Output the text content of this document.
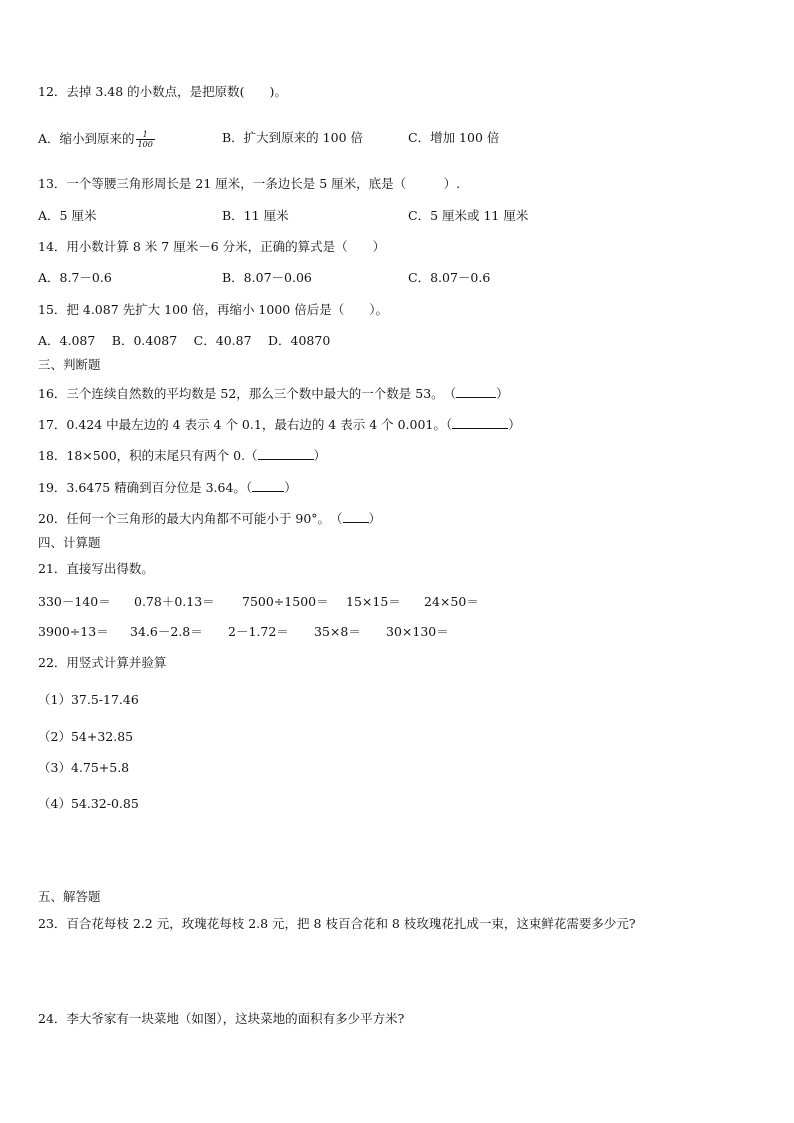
12．去掉 3.48 的小数点，是把原数(　　)。
A．缩小到原来的 $\frac{1}{100}$	B．扩大到原来的 100 倍	C．增加 100 倍
13．一个等腰三角形周长是 21 厘米，一条边长是 5 厘米，底是（　　　）.
A．5 厘米	B．11 厘米	C．5 厘米或 11 厘米
14．用小数计算 8 米 7 厘米－6 分米，正确的算式是（　　）
A．8.7－0.6	B．8.07－0.06	C．8.07－0.6
15．把 4.087 先扩大 100 倍，再缩小 1000 倍后是（　　）。
A．4.087　 B．0.4087　 C．40.87　 D．40870
三、判断题
16．三个连续自然数的平均数是 52，那么三个数中最大的一个数是 53。　（	）
17．0.424 中最左边的 4 表示 4 个 0.1，最右边的 4 表示 4 个 0.001。（	）
18．18×500，积的末尾只有两个 0.（	）
19．3.6475 精确到百分位是 3.64。（	）
20．任何一个三角形的最大内角都不可能小于 90°。　（ ）
四、计算题
21．直接写出得数。
330－140＝ 0.78＋0.13＝ 7500÷1500＝ 15×15＝ 24×50＝
3900÷13＝ 34.6－2.8＝ 2－1.72＝ 35×8＝ 30×130＝
22．用竖式计算并验算
（1）37.5-17.46
（2）54+32.85
（3）4.75+5.8
（4）54.32-0.85
五、解答题
23．百合花每枝 2.2 元，玫瑰花每枝 2.8 元，把 8 枝百合花和 8 枝玫瑰花扎成一束，这束鲜花需要多少元?
24．李大爷家有一块菜地（如图），这块菜地的面积有多少平方米?
